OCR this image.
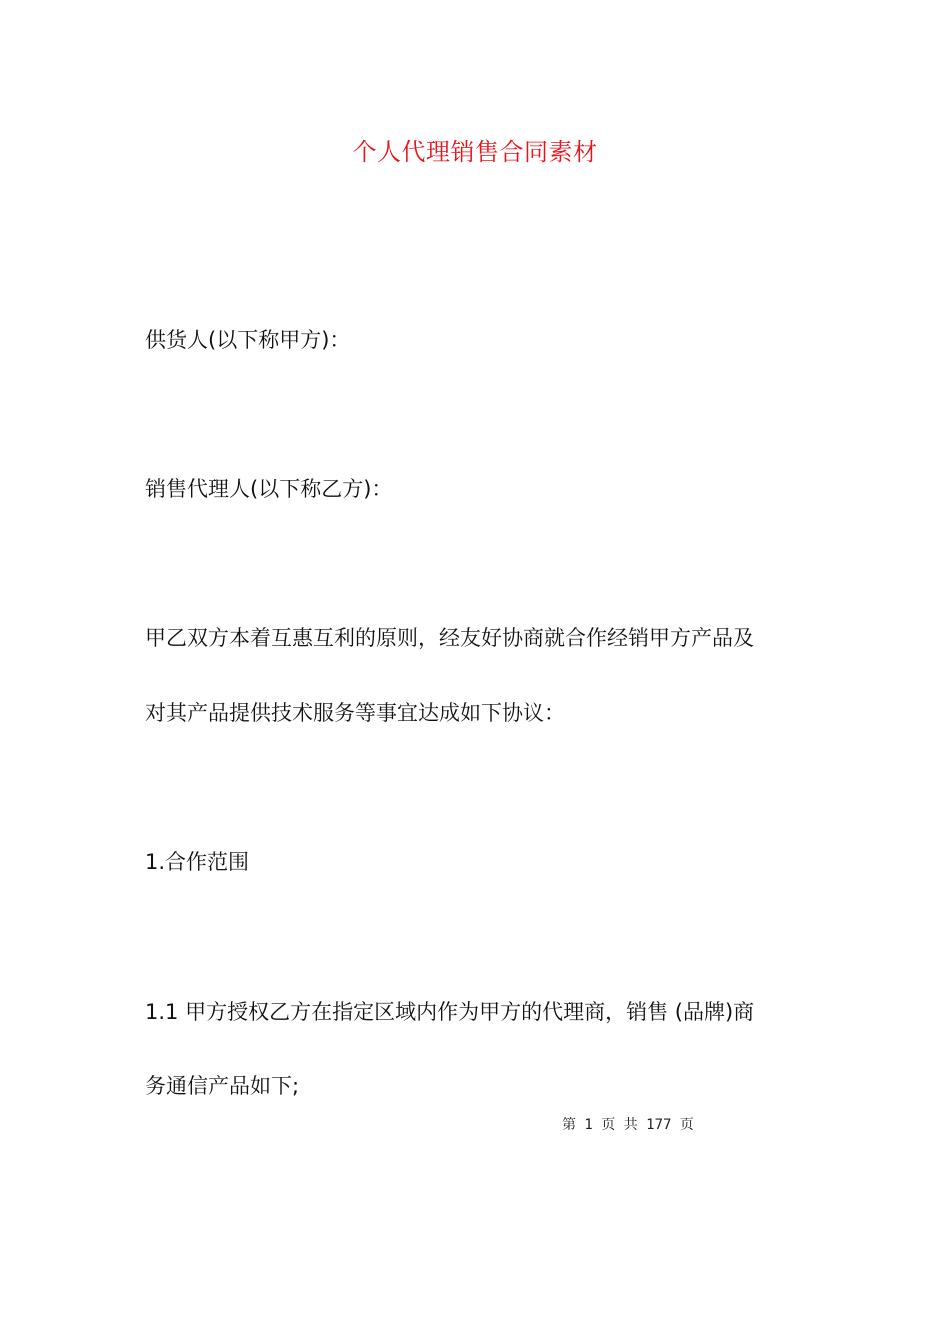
个人代理销售合同素材

供货人(以下称甲方)：

销售代理人(以下称乙方)：

甲乙双方本着互惠互利的原则，经友好协商就合作经销甲方产品及

对其产品提供技术服务等事宜达成如下协议：

1.合作范围

1.1 甲方授权乙方在指定区域内作为甲方的代理商，销售 (品牌)商

务通信产品如下;

第 1 页 共 177 页
